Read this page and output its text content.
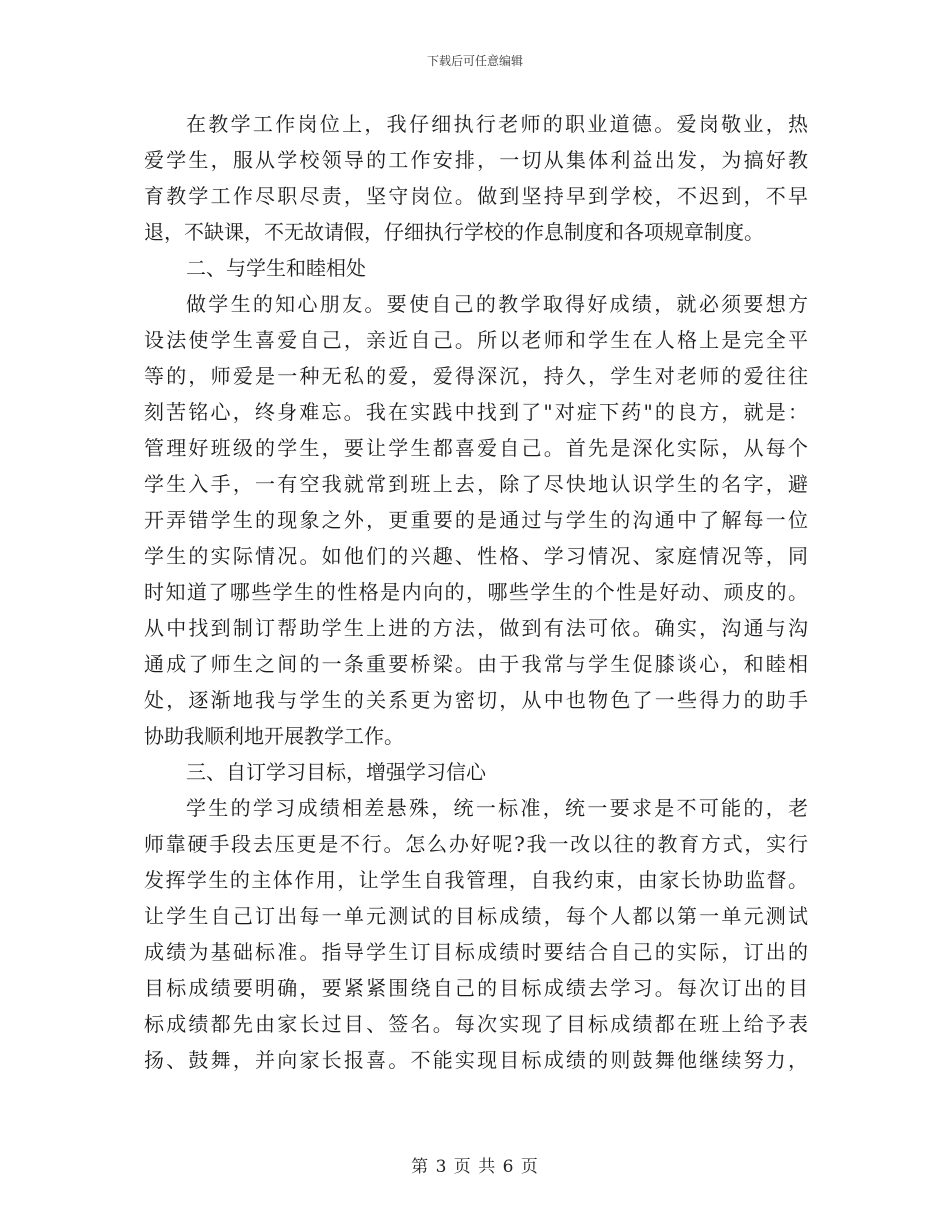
下载后可任意编辑
在教学工作岗位上，我仔细执行老师的职业道德。爱岗敬业，热
爱学生，服从学校领导的工作安排，一切从集体利益出发，为搞好教
育教学工作尽职尽责，坚守岗位。做到坚持早到学校，不迟到，不早
退，不缺课，不无故请假，仔细执行学校的作息制度和各项规章制度。
二、与学生和睦相处
做学生的知心朋友。要使自己的教学取得好成绩，就必须要想方
设法使学生喜爱自己，亲近自己。所以老师和学生在人格上是完全平
等的，师爱是一种无私的爱，爱得深沉，持久，学生对老师的爱往往
刻苦铭心，终身难忘。我在实践中找到了"对症下药"的良方，就是：
管理好班级的学生，要让学生都喜爱自己。首先是深化实际，从每个
学生入手，一有空我就常到班上去，除了尽快地认识学生的名字，避
开弄错学生的现象之外，更重要的是通过与学生的沟通中了解每一位
学生的实际情况。如他们的兴趣、性格、学习情况、家庭情况等，同
时知道了哪些学生的性格是内向的，哪些学生的个性是好动、顽皮的。
从中找到制订帮助学生上进的方法，做到有法可依。确实，沟通与沟
通成了师生之间的一条重要桥梁。由于我常与学生促膝谈心，和睦相
处，逐渐地我与学生的关系更为密切，从中也物色了一些得力的助手
协助我顺利地开展教学工作。
三、自订学习目标，增强学习信心
学生的学习成绩相差悬殊，统一标准，统一要求是不可能的，老
师靠硬手段去压更是不行。怎么办好呢?我一改以往的教育方式，实行
发挥学生的主体作用，让学生自我管理，自我约束，由家长协助监督。
让学生自己订出每一单元测试的目标成绩，每个人都以第一单元测试
成绩为基础标准。指导学生订目标成绩时要结合自己的实际，订出的
目标成绩要明确，要紧紧围绕自己的目标成绩去学习。每次订出的目
标成绩都先由家长过目、签名。每次实现了目标成绩都在班上给予表
扬、鼓舞，并向家长报喜。不能实现目标成绩的则鼓舞他继续努力，
第 3 页 共 6 页
